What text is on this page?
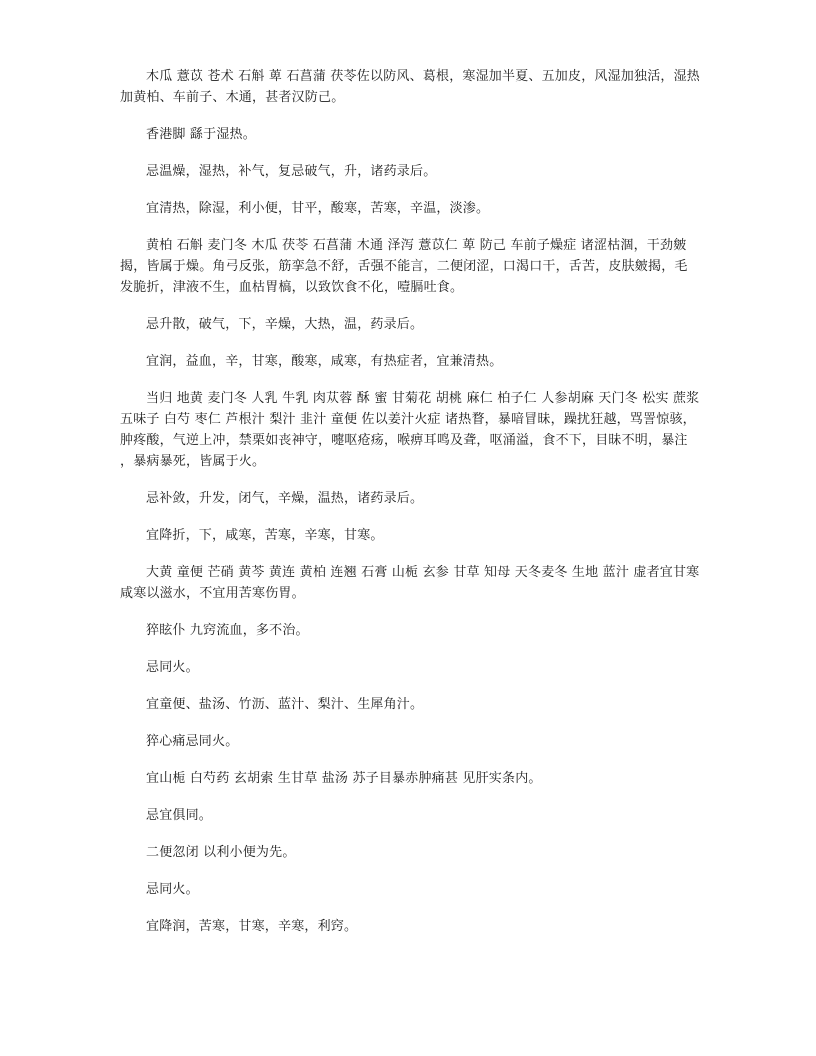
木瓜 薏苡 苍术 石斛 萆 石菖蒲 茯苓佐以防风、葛根，寒湿加半夏、五加皮，风湿加独活，湿热加黄柏、车前子、木通，甚者汉防己。

香港脚 繇于湿热。

忌温燥，湿热，补气，复忌破气，升，诸药录后。

宜清热，除湿，利小便，甘平，酸寒，苦寒，辛温，淡渗。

黄柏 石斛 麦门冬 木瓜 茯苓 石菖蒲 木通 泽泻 薏苡仁 萆 防己 车前子燥症 诸涩枯涸，干劲皴揭，皆属于燥。角弓反张，筋挛急不舒，舌强不能言，二便闭涩，口渴口干，舌苦，皮肤皴揭，毛发脆折，津液不生，血枯胃槁，以致饮食不化，噎膈吐食。

忌升散，破气，下，辛燥，大热，温，药录后。

宜润，益血，辛，甘寒，酸寒，咸寒，有热症者，宜兼清热。

当归 地黄 麦门冬 人乳 牛乳 肉苁蓉 酥 蜜 甘菊花 胡桃 麻仁 柏子仁 人参胡麻 天门冬 松实 蔗浆 五味子 白芍 枣仁 芦根汁 梨汁 韭汁 童便 佐以姜汁火症 诸热瞀，暴喑冒昧，躁扰狂越，骂詈惊骇， 肿疼酸，气逆上冲，禁栗如丧神守，嚏呕疮疡，喉痹耳鸣及聋，呕涌溢，食不下，目昧不明，暴注 ，暴病暴死，皆属于火。

忌补敛，升发，闭气，辛燥，温热，诸药录后。

宜降折，下，咸寒，苦寒，辛寒，甘寒。

大黄 童便 芒硝 黄芩 黄连 黄柏 连翘 石膏 山栀 玄参 甘草 知母 天冬麦冬 生地 蓝汁 虚者宜甘寒咸寒以滋水，不宜用苦寒伤胃。

猝眩仆 九窍流血，多不治。

忌同火。

宜童便、盐汤、竹沥、蓝汁、梨汁、生犀角汁。

猝心痛忌同火。

宜山栀 白芍药 玄胡索 生甘草 盐汤 苏子目暴赤肿痛甚 见肝实条内。

忌宜俱同。

二便忽闭 以利小便为先。

忌同火。

宜降润，苦寒，甘寒，辛寒，利窍。
